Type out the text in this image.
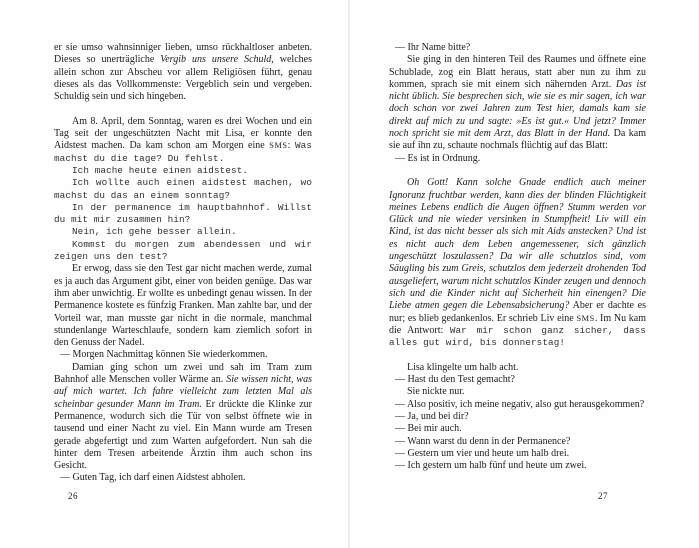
er sie umso wahnsinniger lieben, umso rückhaltloser anbeten. Dieses so unerträgliche Vergib uns unsere Schuld, welches allein schon zur Abscheu vor allem Religiösen führt, genau dieses als das Vollkommenste: Vergeblich sein und vergeben. Schuldig sein und sich hingeben.

Am 8. April, dem Sonntag, waren es drei Wochen und ein Tag seit der ungeschützten Nacht mit Lisa, er konnte den Aidstest machen. Da kam schon am Morgen eine SMS: Was machst du die tage? Du fehlst.

Ich mache heute einen aidstest.

Ich wollte auch einen aidstest machen, wo machst du das an einem sonntag?

In der permanence im hauptbahnhof. Willst du mit mir zusammen hin?

Nein, ich gehe besser allein.

Kommst du morgen zum abendessen und wir zeigen uns den test?

Er erwog, dass sie den Test gar nicht machen werde, zumal es ja auch das Argument gibt, einer von beiden genüge. Das war ihm aber unwichtig. Er wollte es unbedingt genau wissen. In der Permanence kostete es fünfzig Franken. Man zahlte bar, und der Vorteil war, man musste gar nicht in die normale, manchmal stundenlange Warteschlaufe, sondern kam ziemlich sofort in den Genuss der Nadel.

— Morgen Nachmittag können Sie wiederkommen.

Damian ging schon um zwei und sah im Tram zum Bahnhof alle Menschen voller Wärme an. Sie wissen nicht, was auf mich wartet. Ich fahre vielleicht zum letzten Mal als scheinbar gesunder Mann im Tram. Er drückte die Klinke zur Permanence, wodurch sich die Tür von selbst öffnete wie in tausend und einer Nacht zu viel. Ein Mann wurde am Tresen gerade abgefertigt und zum Warten aufgefordert. Nun sah die hinter dem Tresen arbeitende Ärztin ihm auch schon ins Gesicht.

— Guten Tag, ich darf einen Aidstest abholen.

— Ihr Name bitte?

Sie ging in den hinteren Teil des Raumes und öffnete eine Schublade, zog ein Blatt heraus, statt aber nun zu ihm zu kommen, sprach sie mit einem sich nähernden Arzt. Das ist nicht üblich. Sie besprechen sich, wie sie es mir sagen, ich war doch schon vor zwei Jahren zum Test hier, damals kam sie direkt auf mich zu und sagte: »Es ist gut.« Und jetzt? Immer noch spricht sie mit dem Arzt, das Blatt in der Hand. Da kam sie auf ihn zu, schaute nochmals flüchtig auf das Blatt:

— Es ist in Ordnung.

Oh Gott! Kann solche Gnade endlich auch meiner Ignoranz fruchtbar werden, kann dies der blinden Flüchtigkeit meines Lebens endlich die Augen öffnen? Stumm werden vor Glück und nie wieder versinken in Stumpfheit! Liv will ein Kind, ist das nicht besser als sich mit Aids anstecken? Und ist es nicht auch dem Leben angemessener, sich gänzlich ungeschützt loszulassen? Da wir alle schutzlos sind, vom Säugling bis zum Greis, schutzlos dem jederzeit drohenden Tod ausgeliefert, warum nicht schutzlos Kinder zeugen und dennoch sich und die Kinder nicht auf Sicherheit hin einengen? Die Liebe atmen gegen die Lebensabsicherung? Aber er dachte es nur; es blieb gedankenlos. Er schrieb Liv eine SMS. Im Nu kam die Antwort: War mir schon ganz sicher, dass alles gut wird, bis donnerstag!

Lisa klingelte um halb acht.

— Hast du den Test gemacht?

Sie nickte nur.

— Also positiv, ich meine negativ, also gut herausgekommen?

— Ja, und bei dir?

— Bei mir auch.

— Wann warst du denn in der Permanence?

— Gestern um vier und heute um halb drei.

— Ich gestern um halb fünf und heute um zwei.

26	27
